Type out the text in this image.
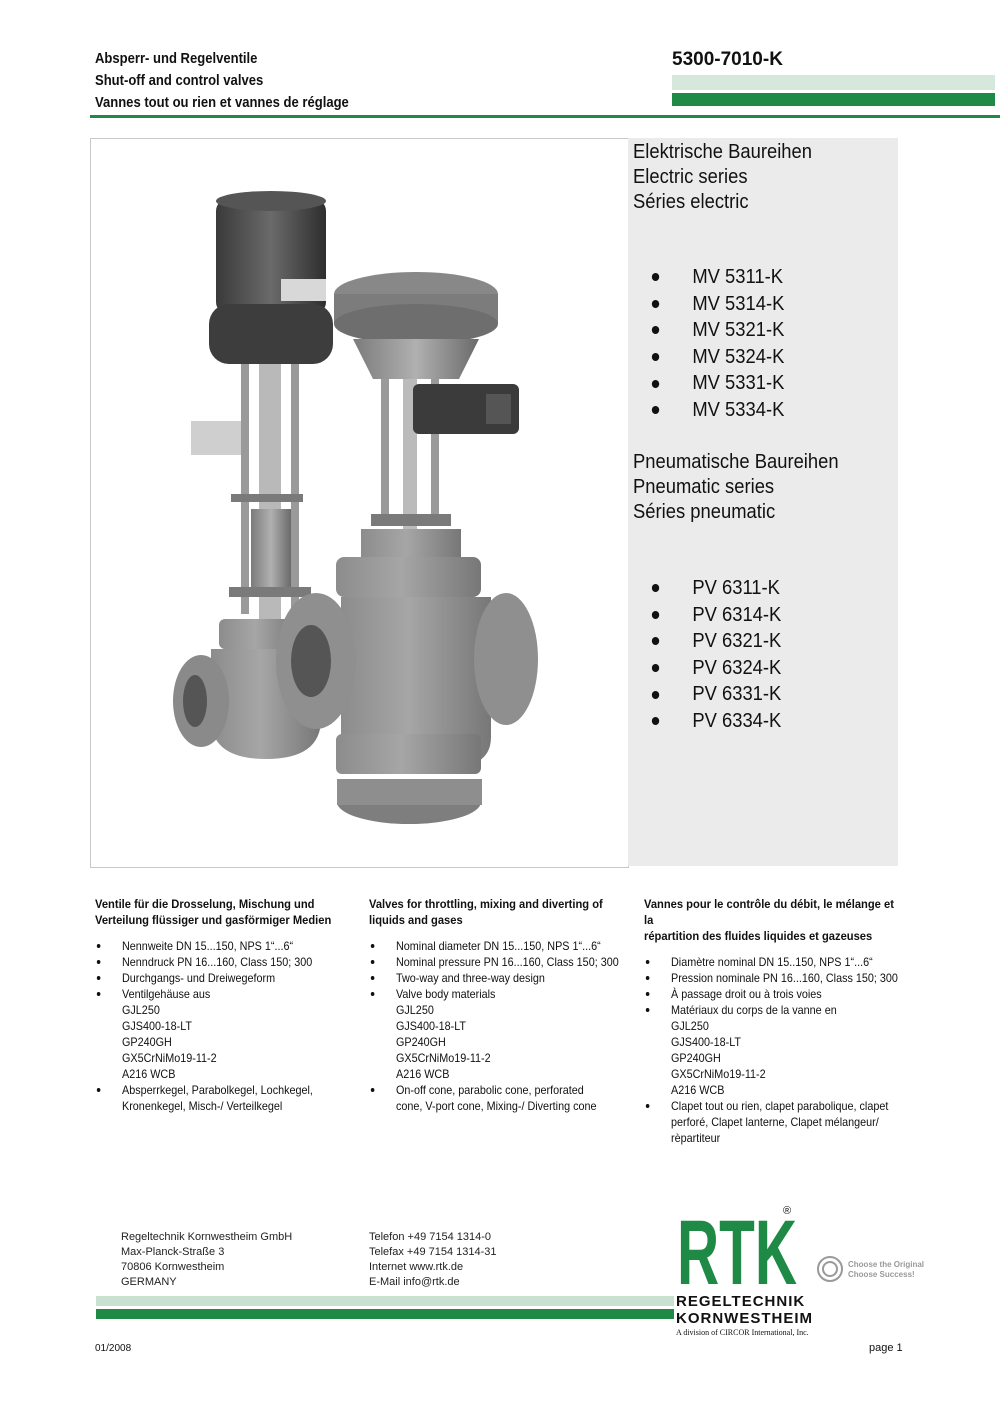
Absperr- und Regelventile
Shut-off and control valves
Vannes tout ou rien et vannes de réglage
5300-7010-K
Elektrische Baureihen
Electric series
Séries electric
MV 5311-K
MV 5314-K
MV 5321-K
MV 5324-K
MV 5331-K
MV 5334-K
Pneumatische Baureihen
Pneumatic series
Séries pneumatic
PV 6311-K
PV 6314-K
PV 6321-K
PV 6324-K
PV 6331-K
PV 6334-K
Ventile für die Drosselung, Mischung und
Verteilung flüssiger und gasförmiger Medien
Nennweite DN 15...150, NPS 1“...6“
Nenndruck PN 16...160, Class 150; 300
Durchgangs- und Dreiwegeform
Ventilgehäuse aus
GJL250
GJS400-18-LT
GP240GH
GX5CrNiMo19-11-2
A216 WCB
Absperrkegel, Parabolkegel, Lochkegel,
Kronenkegel, Misch-/ Verteilkegel
Valves for throttling, mixing and diverting of
liquids and gases
Nominal diameter DN 15...150, NPS 1“...6“
Nominal pressure PN 16...160, Class 150; 300
Two-way and three-way design
Valve body materials
GJL250
GJS400-18-LT
GP240GH
GX5CrNiMo19-11-2
A216 WCB
On-off cone, parabolic cone, perforated
cone, V-port cone, Mixing-/ Diverting cone
Vannes pour le contrôle du débit, le mélange et la
répartition des fluides liquides et gazeuses
Diamètre nominal DN 15..150, NPS 1“...6“
Pression nominale PN 16...160, Class 150; 300
À passage droit ou à trois voies
Matériaux du corps de la vanne en
GJL250
GJS400-18-LT
GP240GH
GX5CrNiMo19-11-2
A216 WCB
Clapet tout ou rien, clapet parabolique, clapet
perforé, Clapet lanterne, Clapet mélangeur/
rèpartiteur
Regeltechnik Kornwestheim GmbH
Max-Planck-Straße 3
70806 Kornwestheim
GERMANY
Telefon +49 7154 1314-0
Telefax +49 7154 1314-31
Internet www.rtk.de
E-Mail info@rtk.de	RTK
®
REGELTECHNIK
KORNWESTHEIM
A division of CIRCOR International, Inc.
Choose the Original
Choose Success!
01/2008	page 1
